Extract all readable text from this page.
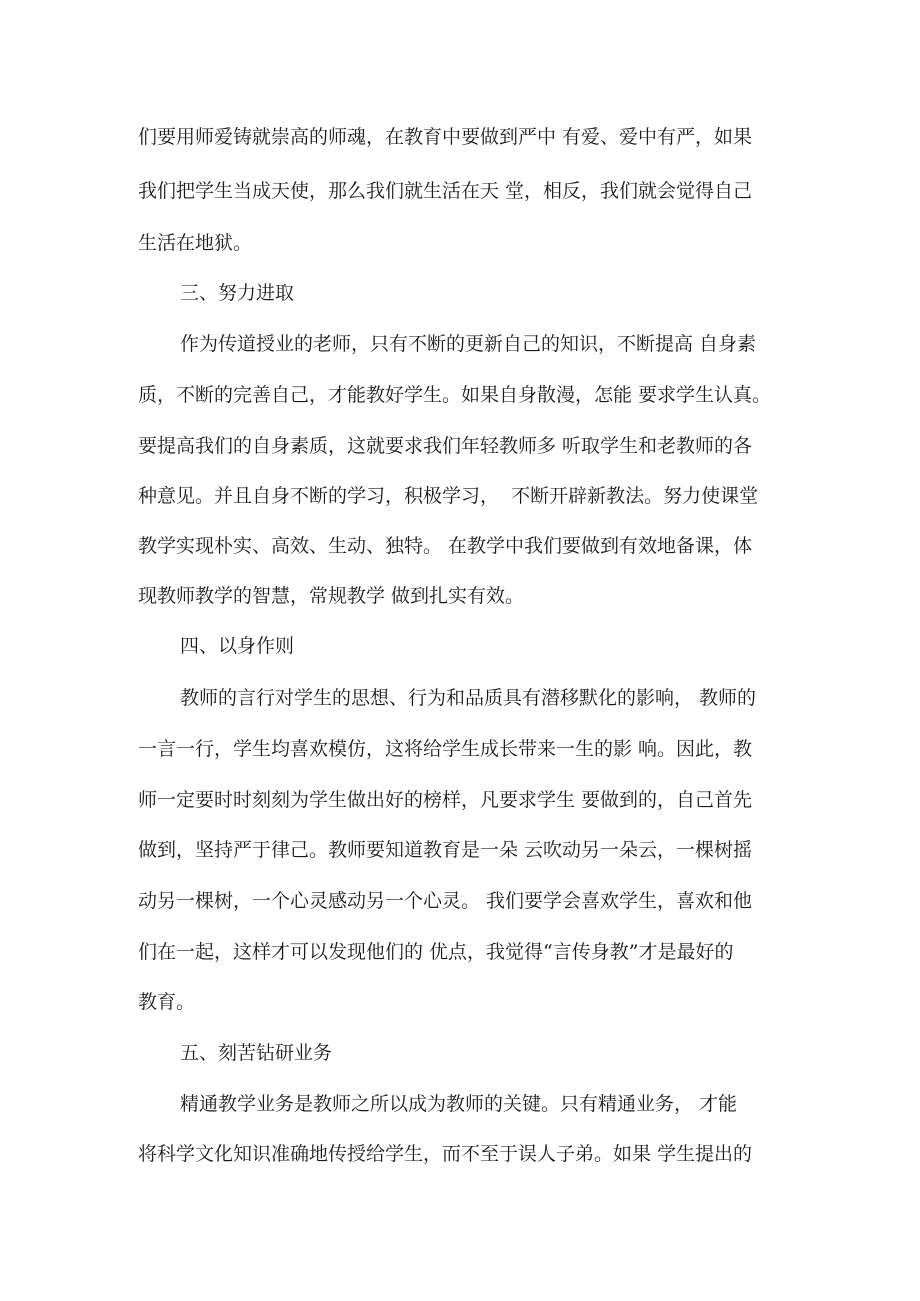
们要用师爱铸就崇高的师魂，在教育中要做到严中 有爱、爱中有严，如果
我们把学生当成天使，那么我们就生活在天 堂，相反，我们就会觉得自己
生活在地狱。
三、努力进取
作为传道授业的老师，只有不断的更新自己的知识，不断提高 自身素
质，不断的完善自己，才能教好学生。如果自身散漫，怎能 要求学生认真。
要提高我们的自身素质，这就要求我们年轻教师多 听取学生和老教师的各
种意见。并且自身不断的学习，积极学习，  不断开辟新教法。努力使课堂
教学实现朴实、高效、生动、独特。 在教学中我们要做到有效地备课，体
现教师教学的智慧，常规教学 做到扎实有效。
四、以身作则
教师的言行对学生的思想、行为和品质具有潜移默化的影响， 教师的
一言一行，学生均喜欢模仿，这将给学生成长带来一生的影 响。因此，教
师一定要时时刻刻为学生做出好的榜样，凡要求学生 要做到的，自己首先
做到，坚持严于律己。教师要知道教育是一朵 云吹动另一朵云，一棵树摇
动另一棵树，一个心灵感动另一个心灵。 我们要学会喜欢学生，喜欢和他
们在一起，这样才可以发现他们的 优点，我觉得“言传身教”才是最好的
教育。
五、刻苦钻研业务
精通教学业务是教师之所以成为教师的关键。只有精通业务， 才能
将科学文化知识准确地传授给学生，而不至于误人子弟。如果 学生提出的
